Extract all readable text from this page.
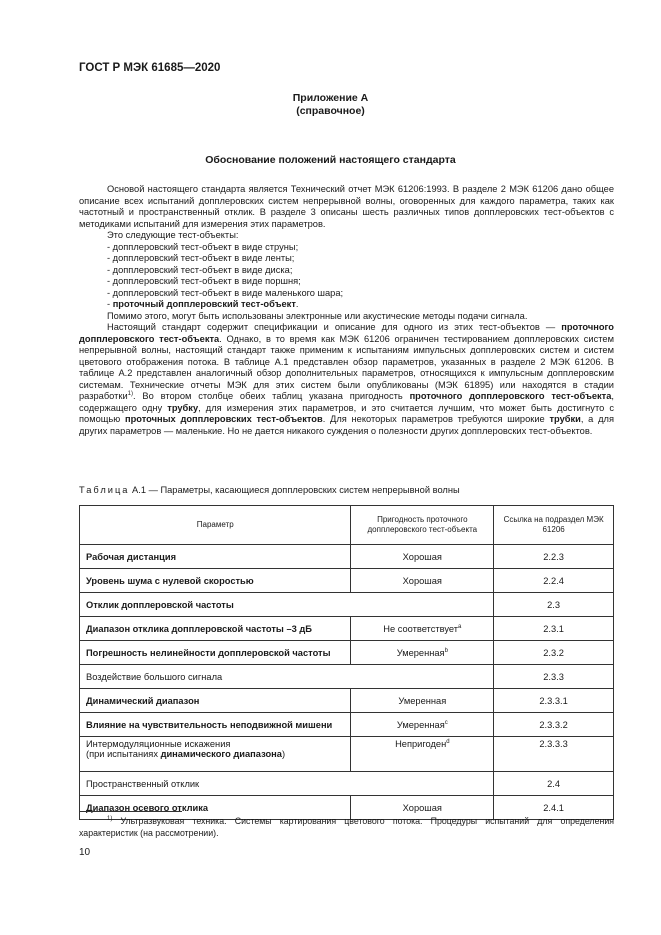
ГОСТ Р МЭК 61685—2020
Приложение А
(справочное)
Обоснование положений настоящего стандарта

Основой настоящего стандарта является Технический отчет МЭК 61206:1993. В разделе 2 МЭК 61206 дано общее описание всех испытаний допплеровских систем непрерывной волны, оговоренных для каждого параметра, таких как частотный и пространственный отклик. В разделе 3 описаны шесть различных типов допплеровских тест-объектов с методиками испытаний для измерения этих параметров.

Это следующие тест-объекты:

- допплеровский тест-объект в виде струны;
- допплеровский тест-объект в виде ленты;
- допплеровский тест-объект в виде диска;
- допплеровский тест-объект в виде поршня;
- допплеровский тест-объект в виде маленького шара;
- проточный допплеровский тест-объект.

Помимо этого, могут быть использованы электронные или акустические методы подачи сигнала.

Настоящий стандарт содержит спецификации и описание для одного из этих тест-объектов — проточного допплеровского тест-объекта. Однако, в то время как МЭК 61206 ограничен тестированием допплеровских систем непрерывной волны, настоящий стандарт также применим к испытаниям импульсных допплеровских систем и систем цветового отображения потока. В таблице А.1 представлен обзор параметров, указанных в разделе 2 МЭК 61206. В таблице А.2 представлен аналогичный обзор дополнительных параметров, относящихся к импульсным допплеровским системам. Технические отчеты МЭК для этих систем были опубликованы (МЭК 61895) или находятся в стадии разработки$^{1)}$. Во втором столбце обеих таблиц указана пригодность проточного допплеровского тест-объекта, содержащего одну трубку, для измерения этих параметров, и это считается лучшим, что может быть достигнуто с помощью проточных допплеровских тест-объектов. Для некоторых параметров требуются широкие трубки, а для других параметров — маленькие. Но не дается никакого суждения о полезности других допплеровских тест-объектов.

Таблица А.1 — Параметры, касающиеся допплеровских систем непрерывной волны
Параметр	Пригодность проточного допплеровского тест-объекта	Ссылка на подраздел МЭК 61206
Рабочая дистанция	Хорошая	2.2.3
Уровень шума с нулевой скоростью	Хорошая	2.2.4
Отклик допплеровской частоты		2.3
Диапазон отклика допплеровской частоты –3 дБ	Не соответствует$^a$	2.3.1
Погрешность нелинейности допплеровской частоты	Умеренная$^b$	2.3.2
Воздействие большого сигнала		2.3.3
Динамический диапазон	Умеренная	2.3.3.1
Влияние на чувствительность неподвижной мишени	Умеренная$^c$	2.3.3.2

Интермодуляционные искажения
(при испытаниях динамического диапазона)	Непригоден$^d$	2.3.3.3
Пространственный отклик		2.4
Диапазон осевого отклика	Хорошая	2.4.1

$^{1)}$ Ультразвуковая техника. Системы картирования цветового потока. Процедуры испытаний для определения характеристик (на рассмотрении).

10
